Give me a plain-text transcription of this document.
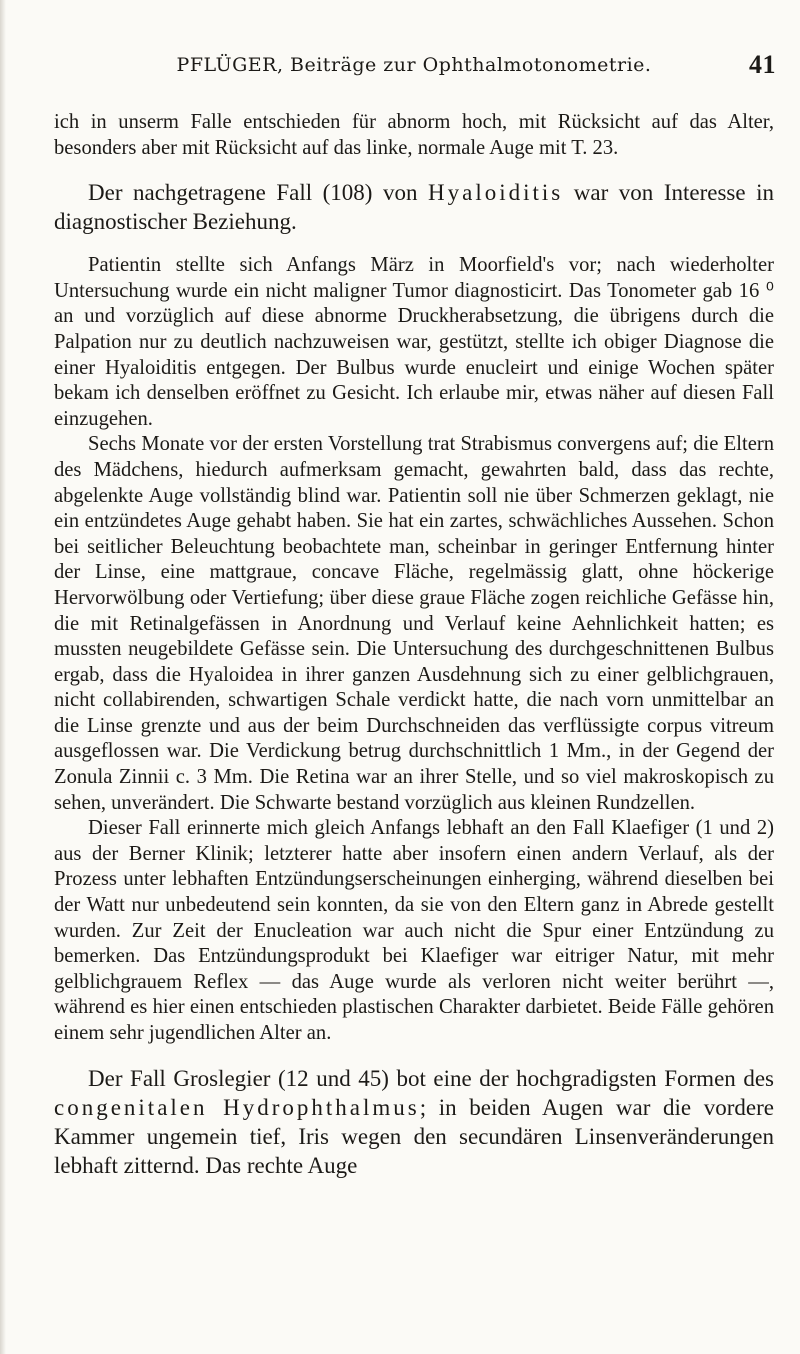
PFLÜGER, Beiträge zur Ophthalmotonometrie.	41

ich in unserm Falle entschieden für abnorm hoch, mit Rücksicht auf das Alter, besonders aber mit Rücksicht auf das linke, normale Auge mit T. 23.

Der nachgetragene Fall (108) von Hyaloiditis war von Interesse in diagnostischer Beziehung.

Patientin stellte sich Anfangs März in Moorfield's vor; nach wiederholter Untersuchung wurde ein nicht maligner Tumor diagnosticirt. Das Tonometer gab 16 ⁰ an und vorzüglich auf diese abnorme Druckherabsetzung, die übrigens durch die Palpation nur zu deutlich nachzuweisen war, gestützt, stellte ich obiger Diagnose die einer Hyaloiditis entgegen. Der Bulbus wurde enucleirt und einige Wochen später bekam ich denselben eröffnet zu Gesicht. Ich erlaube mir, etwas näher auf diesen Fall einzugehen.

Sechs Monate vor der ersten Vorstellung trat Strabismus convergens auf; die Eltern des Mädchens, hiedurch aufmerksam gemacht, gewahrten bald, dass das rechte, abgelenkte Auge vollständig blind war. Patientin soll nie über Schmerzen geklagt, nie ein entzündetes Auge gehabt haben. Sie hat ein zartes, schwächliches Aussehen. Schon bei seitlicher Beleuchtung beobachtete man, scheinbar in geringer Entfernung hinter der Linse, eine mattgraue, concave Fläche, regelmässig glatt, ohne höckerige Hervorwölbung oder Vertiefung; über diese graue Fläche zogen reichliche Gefässe hin, die mit Retinalgefässen in Anordnung und Verlauf keine Aehnlichkeit hatten; es mussten neugebildete Gefässe sein. Die Untersuchung des durchgeschnittenen Bulbus ergab, dass die Hyaloidea in ihrer ganzen Ausdehnung sich zu einer gelblichgrauen, nicht collabirenden, schwartigen Schale verdickt hatte, die nach vorn unmittelbar an die Linse grenzte und aus der beim Durchschneiden das verflüssigte corpus vitreum ausgeflossen war. Die Verdickung betrug durchschnittlich 1 Mm., in der Gegend der Zonula Zinnii c. 3 Mm. Die Retina war an ihrer Stelle, und so viel makroskopisch zu sehen, unverändert. Die Schwarte bestand vorzüglich aus kleinen Rundzellen.

Dieser Fall erinnerte mich gleich Anfangs lebhaft an den Fall Klaefiger (1 und 2) aus der Berner Klinik; letzterer hatte aber insofern einen andern Verlauf, als der Prozess unter lebhaften Entzündungserscheinungen einherging, während dieselben bei der Watt nur unbedeutend sein konnten, da sie von den Eltern ganz in Abrede gestellt wurden. Zur Zeit der Enucleation war auch nicht die Spur einer Entzündung zu bemerken. Das Entzündungsprodukt bei Klaefiger war eitriger Natur, mit mehr gelblichgrauem Reflex — das Auge wurde als verloren nicht weiter berührt —, während es hier einen entschieden plastischen Charakter darbietet. Beide Fälle gehören einem sehr jugendlichen Alter an.

Der Fall Groslegier (12 und 45) bot eine der hochgradigsten Formen des congenitalen Hydrophthalmus; in beiden Augen war die vordere Kammer ungemein tief, Iris wegen den secundären Linsenveränderungen lebhaft zitternd. Das rechte Auge
